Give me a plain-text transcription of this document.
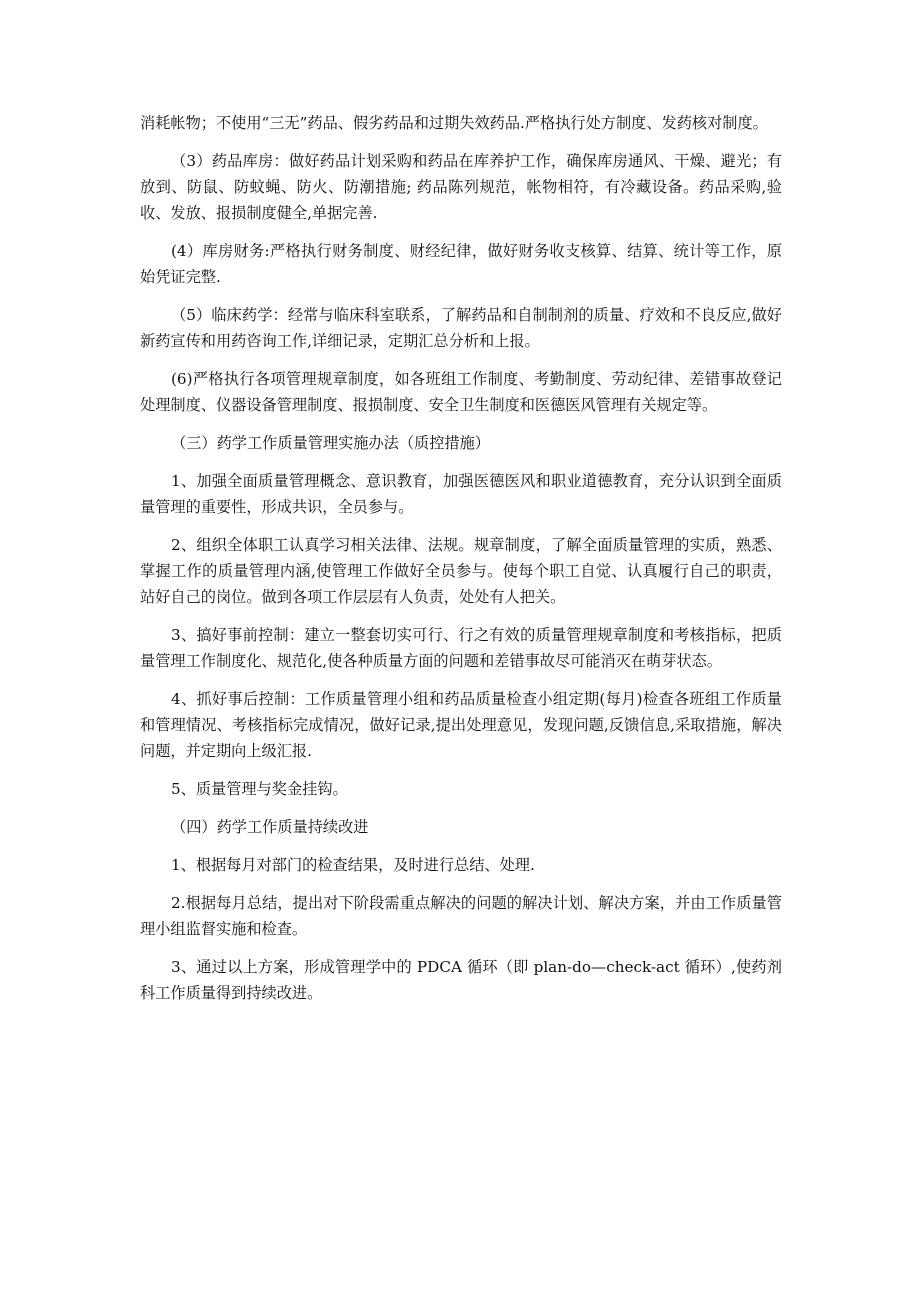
消耗帐物；不使用“三无”药品、假劣药品和过期失效药品.严格执行处方制度、发药核对制度。

（3）药品库房：做好药品计划采购和药品在库养护工作，确保库房通风、干燥、避光；有放到、防鼠、防蚊蝇、防火、防潮措施; 药品陈列规范，帐物相符，有冷藏设备。药品采购,验收、发放、报损制度健全,单据完善.

(4）库房财务:严格执行财务制度、财经纪律，做好财务收支核算、结算、统计等工作，原始凭证完整.

（5）临床药学：经常与临床科室联系，了解药品和自制制剂的质量、疗效和不良反应,做好新药宣传和用药咨询工作,详细记录，定期汇总分析和上报。

(6)严格执行各项管理规章制度，如各班组工作制度、考勤制度、劳动纪律、差错事故登记处理制度、仪器设备管理制度、报损制度、安全卫生制度和医德医风管理有关规定等。

（三）药学工作质量管理实施办法（质控措施）

1、加强全面质量管理概念、意识教育，加强医德医风和职业道德教育，充分认识到全面质量管理的重要性，形成共识，全员参与。

2、组织全体职工认真学习相关法律、法规。规章制度，了解全面质量管理的实质，熟悉、掌握工作的质量管理内涵,使管理工作做好全员参与。使每个职工自觉、认真履行自己的职责，站好自己的岗位。做到各项工作层层有人负责，处处有人把关。

3、搞好事前控制：建立一整套切实可行、行之有效的质量管理规章制度和考核指标，把质量管理工作制度化、规范化,使各种质量方面的问题和差错事故尽可能消灭在萌芽状态。

4、抓好事后控制：工作质量管理小组和药品质量检查小组定期(每月)检查各班组工作质量和管理情况、考核指标完成情况，做好记录,提出处理意见，发现问题,反馈信息,采取措施，解决问题，并定期向上级汇报.

5、质量管理与奖金挂钩。

（四）药学工作质量持续改进

1、根据每月对部门的检查结果，及时进行总结、处理.

2.根据每月总结，提出对下阶段需重点解决的问题的解决计划、解决方案，并由工作质量管理小组监督实施和检查。

3、通过以上方案，形成管理学中的 PDCA 循环（即 plan-do—check-act 循环）,使药剂科工作质量得到持续改进。
